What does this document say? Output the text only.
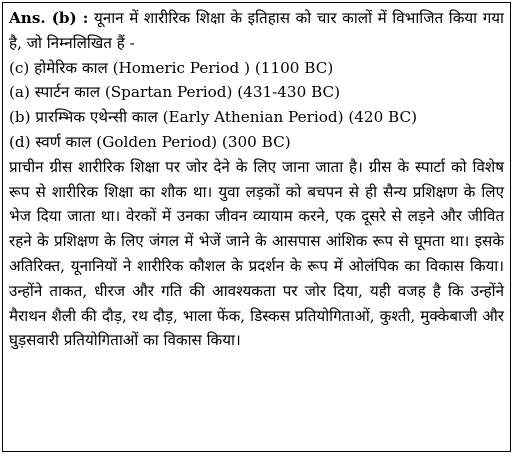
Ans. (b) : यूनान में शारीरिक शिक्षा के इतिहास को चार कालों में विभाजित किया गया है, जो निम्नलिखित हैं -

(c) होमेरिक काल (Homeric Period ) (1100 BC)

(a) स्पार्टन काल (Spartan Period) (431-430 BC)

(b) प्रारम्भिक एथेन्सी काल (Early Athenian Period) (420 BC)

(d) स्वर्ण काल (Golden Period) (300 BC)

प्राचीन ग्रीस शारीरिक शिक्षा पर जोर देने के लिए जाना जाता है। ग्रीस के स्पार्टा को विशेष रूप से शारीरिक शिक्षा का शौक था। युवा लड़कों को बचपन से ही सैन्य प्रशिक्षण के लिए भेज दिया जाता था। वेरकों में उनका जीवन व्यायाम करने, एक दूसरे से लड़ने और जीवित रहने के प्रशिक्षण के लिए जंगल में भेजें जाने के आसपास आंशिक रूप से घूमता था। इसके अतिरिक्त, यूनानियों ने शारीरिक कौशल के प्रदर्शन के रूप में ओलंपिक का विकास किया। उन्होंने ताकत, धीरज और गति की आवश्यकता पर जोर दिया, यही वजह है कि उन्होंने मैराथन शैली की दौड़, रथ दौड़, भाला फेंक, डिस्कस प्रतियोगिताओं, कुश्ती, मुक्केबाजी और घुड़सवारी प्रतियोगिताओं का विकास किया।
